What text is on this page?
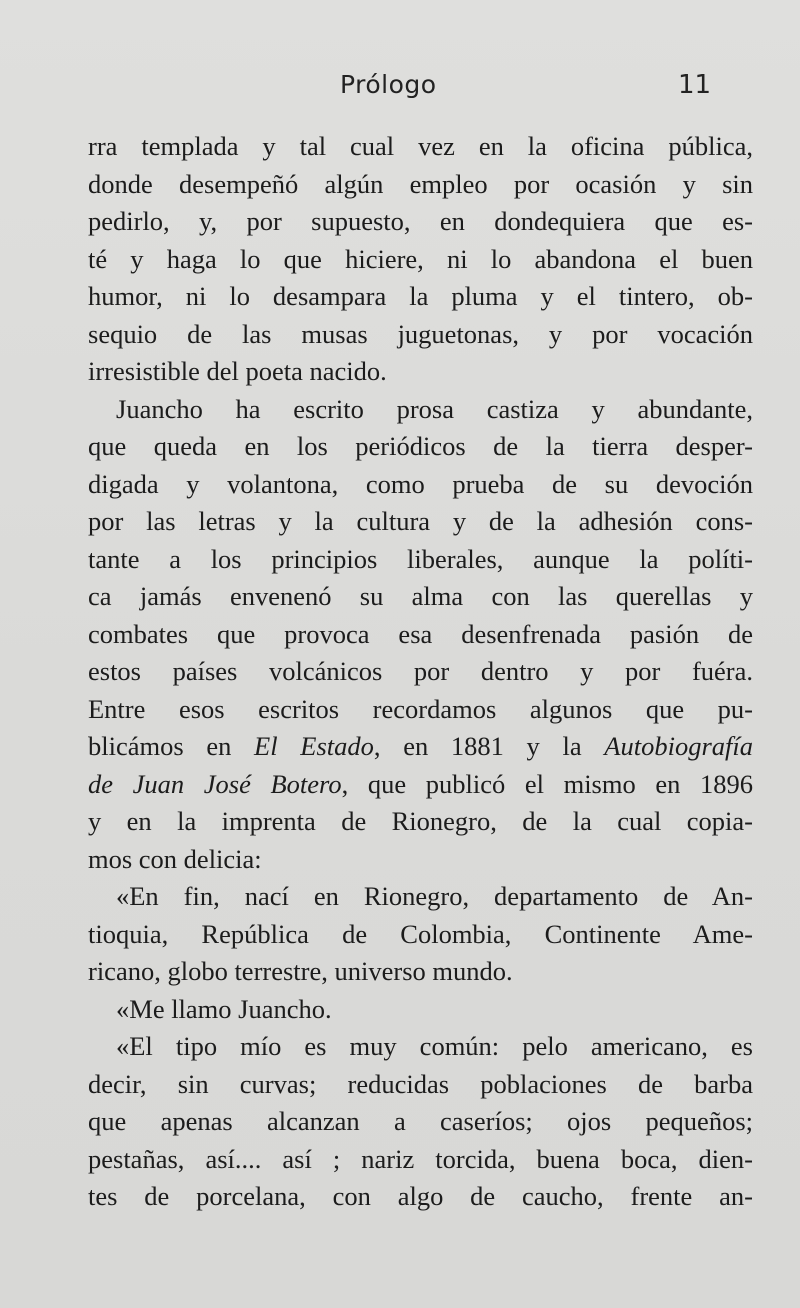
Prólogo	11
rra templada y tal cual vez en la oficina pública,
donde desempeñó algún empleo por ocasión y sin
pedirlo, y, por supuesto, en dondequiera que es-
té y haga lo que hiciere, ni lo abandona el buen
humor, ni lo desampara la pluma y el tintero, ob-
sequio de las musas juguetonas, y por vocación
irresistible del poeta nacido.
Juancho ha escrito prosa castiza y abundante,
que queda en los periódicos de la tierra desper-
digada y volantona, como prueba de su devoción
por las letras y la cultura y de la adhesión cons-
tante a los principios liberales, aunque la políti-
ca jamás envenenó su alma con las querellas y
combates que provoca esa desenfrenada pasión de
estos países volcánicos por dentro y por fuéra.
Entre esos escritos recordamos algunos que pu-
blicámos en El Estado, en 1881 y la Autobiografía
de Juan José Botero, que publicó el mismo en 1896
y en la imprenta de Rionegro, de la cual copia-
mos con delicia:
«En fin, nací en Rionegro, departamento de An-
tioquia, República de Colombia, Continente Ame-
ricano, globo terrestre, universo mundo.
«Me llamo Juancho.
«El tipo mío es muy común: pelo americano, es
decir, sin curvas; reducidas poblaciones de barba
que apenas alcanzan a caseríos; ojos pequeños;
pestañas, así.... así ; nariz torcida, buena boca, dien-
tes de porcelana, con algo de caucho, frente an-
